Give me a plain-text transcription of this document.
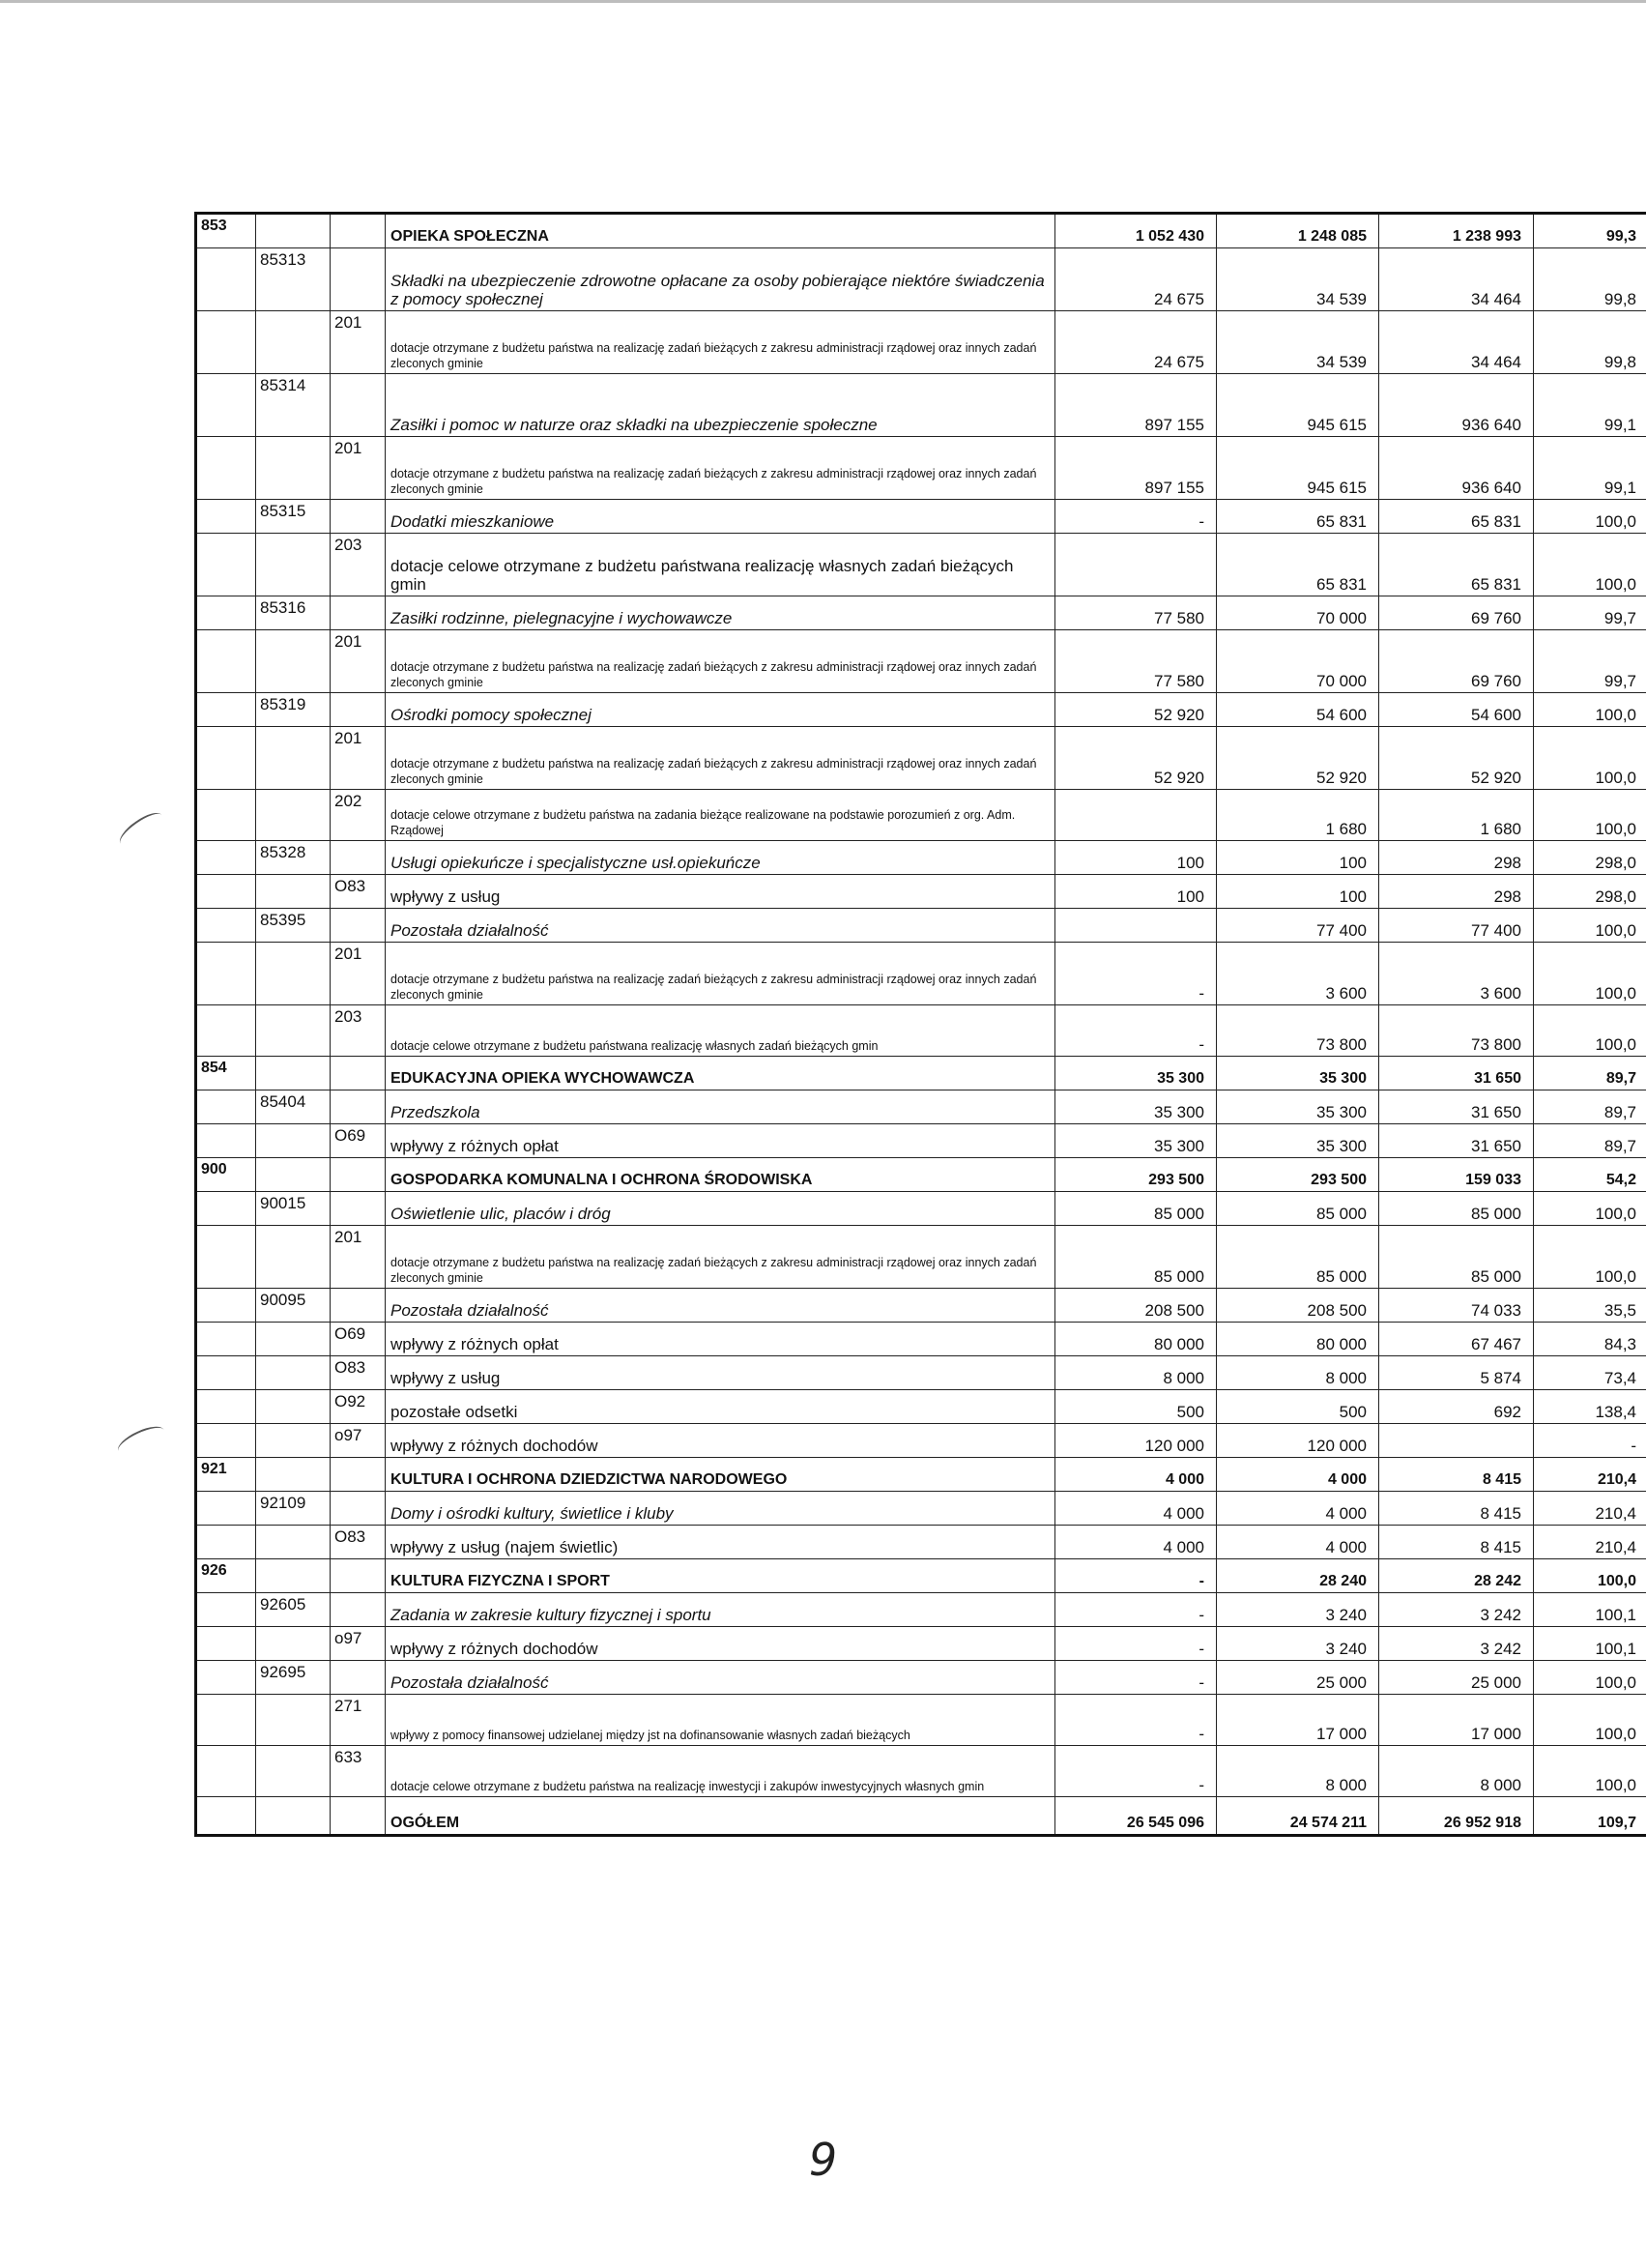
853			OPIEKA SPOŁECZNA	1 052 430	1 248 085	1 238 993	99,3
	85313		Składki na ubezpieczenie zdrowotne opłacane za osoby pobierające niektóre świadczenia z pomocy społecznej	24 675	34 539	34 464	99,8
		201	dotacje otrzymane z budżetu państwa na realizację zadań bieżących z zakresu administracji rządowej oraz innych zadań zleconych gminie	24 675	34 539	34 464	99,8
	85314		Zasiłki i pomoc w naturze oraz składki na ubezpieczenie społeczne	897 155	945 615	936 640	99,1
		201	dotacje otrzymane z budżetu państwa na realizację zadań bieżących z zakresu administracji rządowej oraz innych zadań zleconych gminie	897 155	945 615	936 640	99,1
	85315		Dodatki mieszkaniowe	-	65 831	65 831	100,0
		203	dotacje celowe otrzymane z budżetu państwana realizację własnych zadań bieżących gmin		65 831	65 831	100,0
	85316		Zasiłki rodzinne, pielegnacyjne i wychowawcze	77 580	70 000	69 760	99,7
		201	dotacje otrzymane z budżetu państwa na realizację zadań bieżących z zakresu administracji rządowej oraz innych zadań zleconych gminie	77 580	70 000	69 760	99,7
	85319		Ośrodki pomocy społecznej	52 920	54 600	54 600	100,0
		201	dotacje otrzymane z budżetu państwa na realizację zadań bieżących z zakresu administracji rządowej oraz innych zadań zleconych gminie	52 920	52 920	52 920	100,0
		202	dotacje celowe otrzymane z budżetu państwa na zadania bieżące realizowane na podstawie porozumień z org. Adm. Rządowej		1 680	1 680	100,0
	85328		Usługi opiekuńcze i specjalistyczne usł.opiekuńcze	100	100	298	298,0
		O83	wpływy z usług	100	100	298	298,0
	85395		Pozostała działalność		77 400	77 400	100,0
		201	dotacje otrzymane z budżetu państwa na realizację zadań bieżących z zakresu administracji rządowej oraz innych zadań zleconych gminie	-	3 600	3 600	100,0
		203	dotacje celowe otrzymane z budżetu państwana realizację własnych zadań bieżących gmin	-	73 800	73 800	100,0
854			EDUKACYJNA OPIEKA WYCHOWAWCZA	35 300	35 300	31 650	89,7
	85404		Przedszkola	35 300	35 300	31 650	89,7
		O69	wpływy z różnych opłat	35 300	35 300	31 650	89,7
900			GOSPODARKA KOMUNALNA I OCHRONA ŚRODOWISKA	293 500	293 500	159 033	54,2
	90015		Oświetlenie ulic, placów i dróg	85 000	85 000	85 000	100,0
		201	dotacje otrzymane z budżetu państwa na realizację zadań bieżących z zakresu administracji rządowej oraz innych zadań zleconych gminie	85 000	85 000	85 000	100,0
	90095		Pozostała działalność	208 500	208 500	74 033	35,5
		O69	wpływy z różnych opłat	80 000	80 000	67 467	84,3
		O83	wpływy z usług	8 000	8 000	5 874	73,4
		O92	pozostałe odsetki	500	500	692	138,4
		o97	wpływy z różnych dochodów	120 000	120 000		-
921			KULTURA I OCHRONA DZIEDZICTWA NARODOWEGO	4 000	4 000	8 415	210,4
	92109		Domy i ośrodki kultury, świetlice i kluby	4 000	4 000	8 415	210,4
		O83	wpływy z usług (najem świetlic)	4 000	4 000	8 415	210,4
926			KULTURA FIZYCZNA I SPORT	-	28 240	28 242	100,0
	92605		Zadania w zakresie kultury fizycznej i sportu	-	3 240	3 242	100,1
		o97	wpływy z różnych dochodów	-	3 240	3 242	100,1
	92695		Pozostała działalność	-	25 000	25 000	100,0
		271	wpływy z pomocy finansowej udzielanej między jst na dofinansowanie własnych zadań bieżących	-	17 000	17 000	100,0
		633	dotacje celowe otrzymane z budżetu państwa na realizację inwestycji i zakupów inwestycyjnych własnych gmin	-	8 000	8 000	100,0
			OGÓŁEM	26 545 096	24 574 211	26 952 918	109,7
9
